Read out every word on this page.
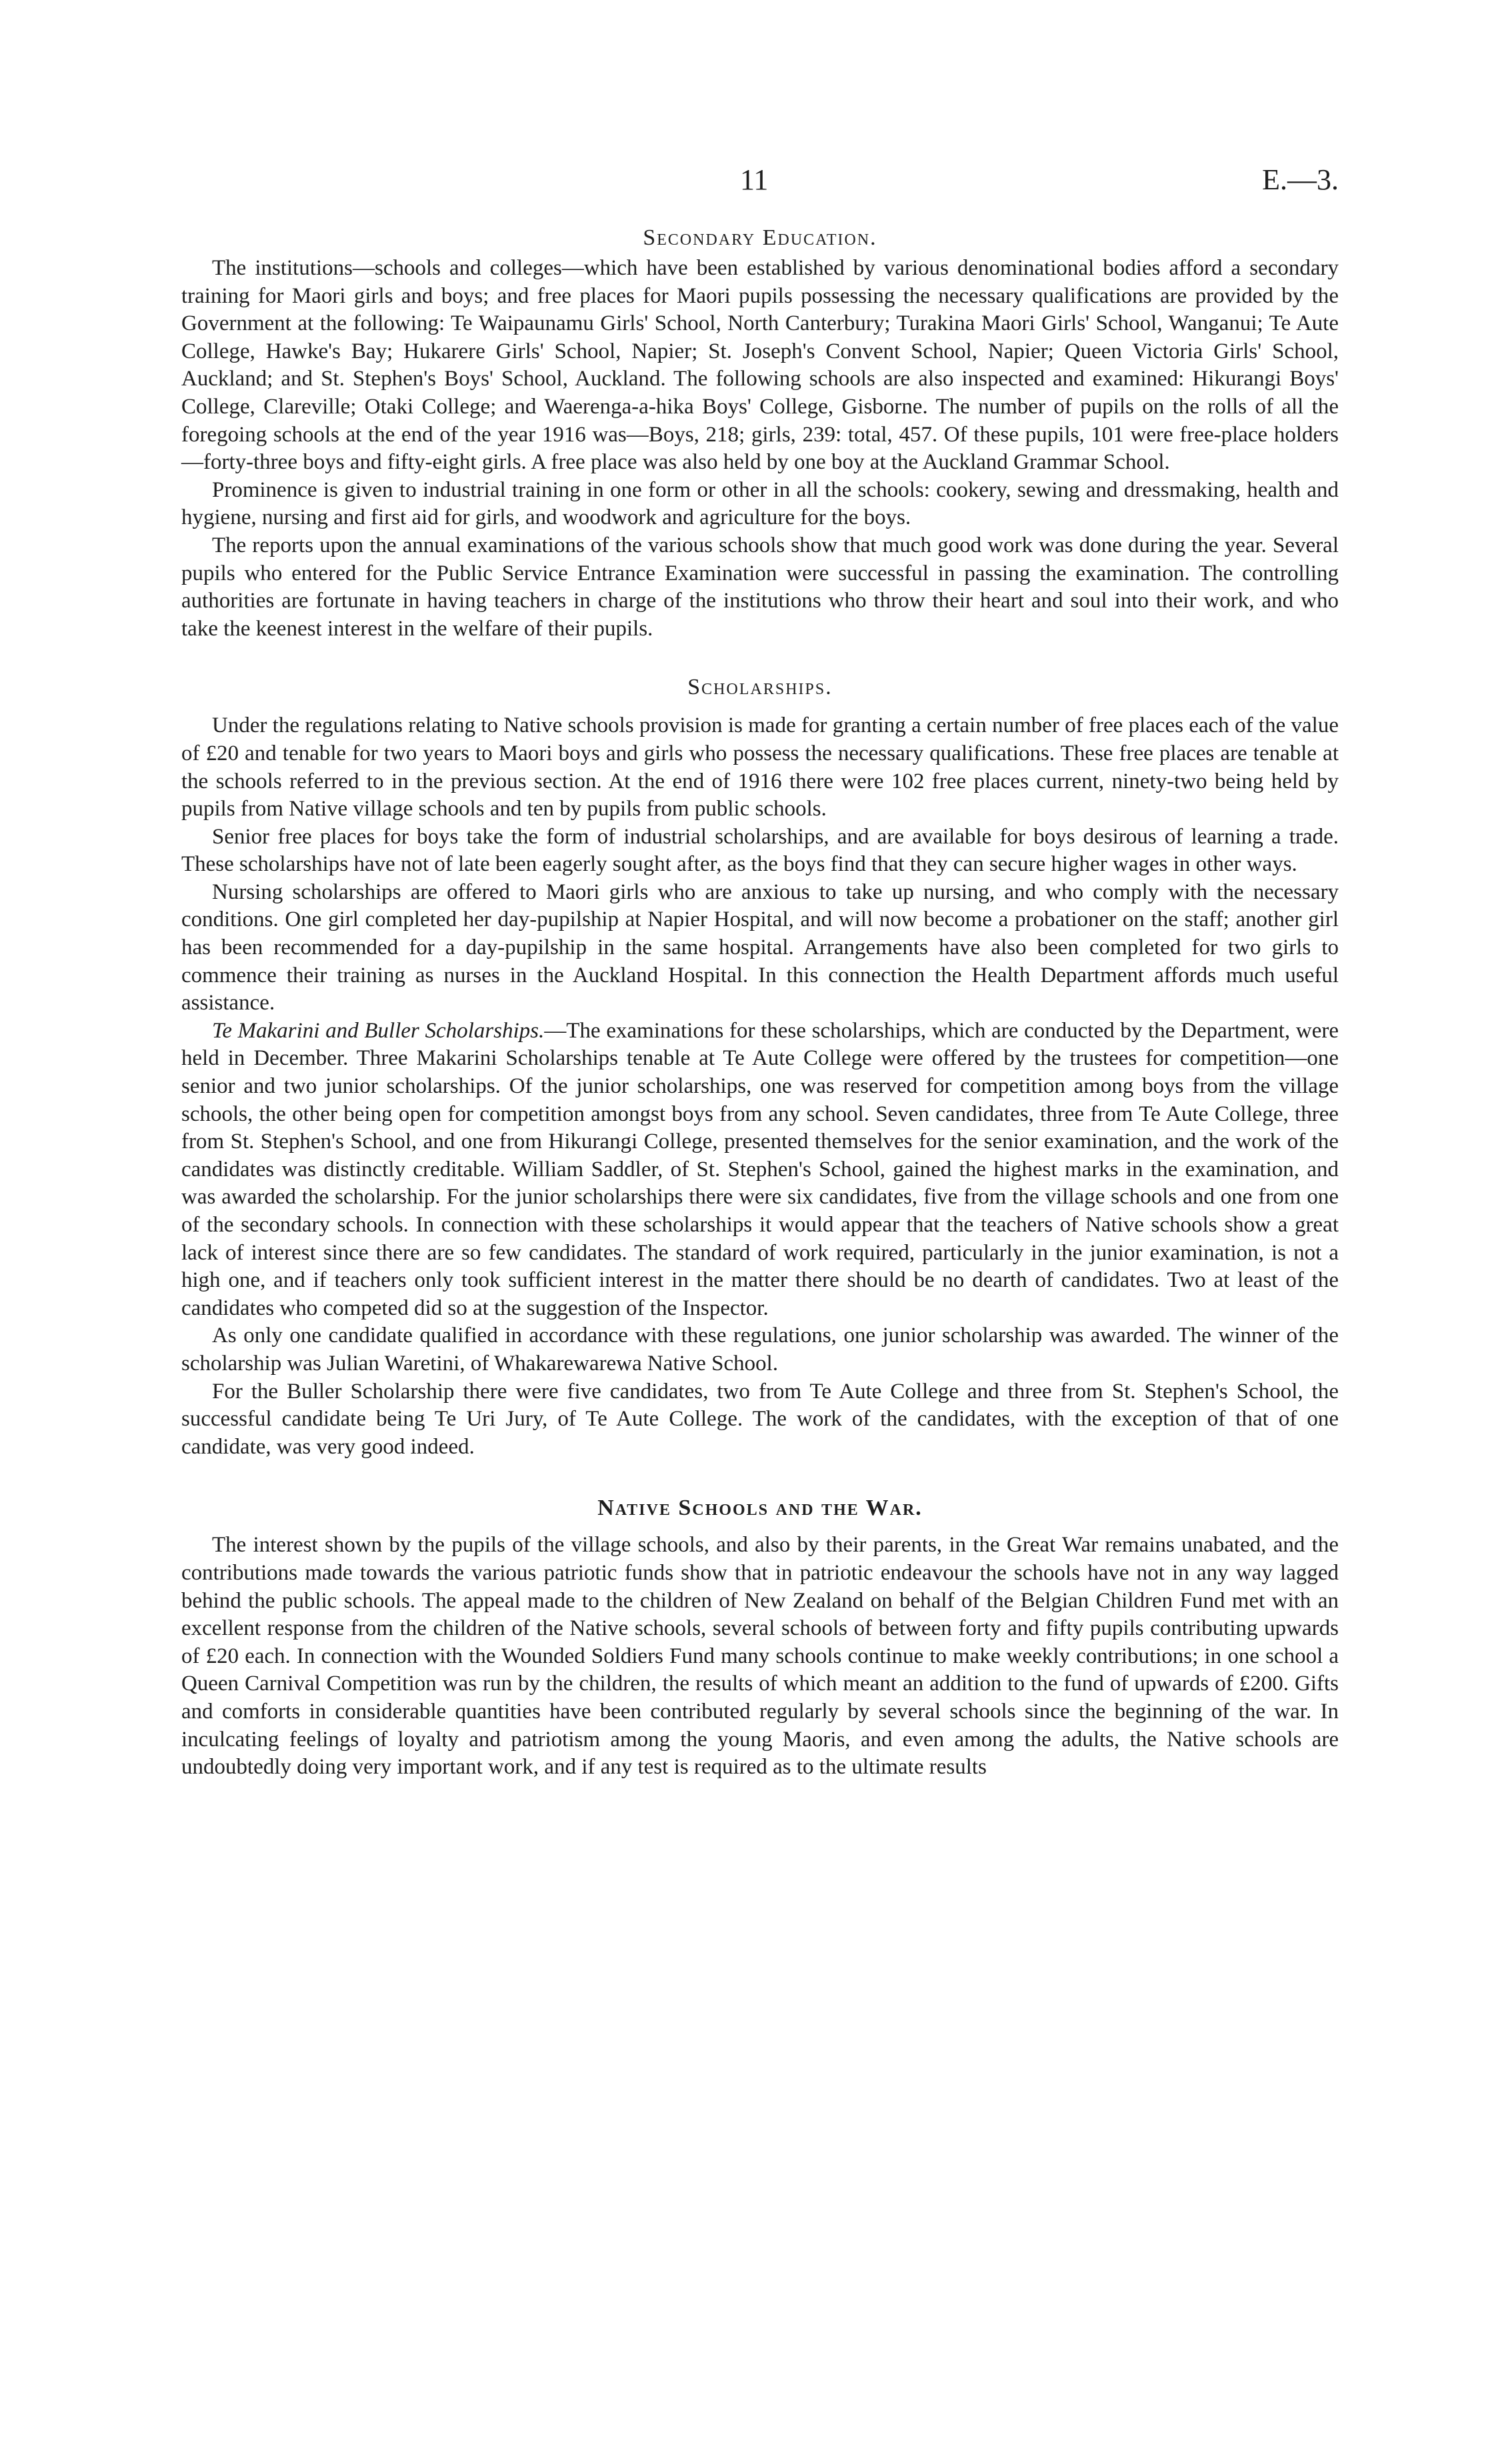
11	E.—3.
Secondary Education.

The institutions—schools and colleges—which have been established by various denominational bodies afford a secondary training for Maori girls and boys; and free places for Maori pupils possessing the necessary qualifications are provided by the Government at the following: Te Waipaunamu Girls' School, North Canterbury; Turakina Maori Girls' School, Wanganui; Te Aute College, Hawke's Bay; Hukarere Girls' School, Napier; St. Joseph's Convent School, Napier; Queen Victoria Girls' School, Auckland; and St. Stephen's Boys' School, Auckland. The following schools are also inspected and examined: Hikurangi Boys' College, Clareville; Otaki College; and Waerenga-a-hika Boys' College, Gisborne. The number of pupils on the rolls of all the foregoing schools at the end of the year 1916 was—Boys, 218; girls, 239: total, 457. Of these pupils, 101 were free-place holders—forty-three boys and fifty-eight girls. A free place was also held by one boy at the Auckland Grammar School.

Prominence is given to industrial training in one form or other in all the schools: cookery, sewing and dressmaking, health and hygiene, nursing and first aid for girls, and woodwork and agriculture for the boys.

The reports upon the annual examinations of the various schools show that much good work was done during the year. Several pupils who entered for the Public Service Entrance Examination were successful in passing the examination. The controlling authorities are fortunate in having teachers in charge of the institutions who throw their heart and soul into their work, and who take the keenest interest in the welfare of their pupils.

Scholarships.

Under the regulations relating to Native schools provision is made for granting a certain number of free places each of the value of £20 and tenable for two years to Maori boys and girls who possess the necessary qualifications. These free places are tenable at the schools referred to in the previous section. At the end of 1916 there were 102 free places current, ninety-two being held by pupils from Native village schools and ten by pupils from public schools.

Senior free places for boys take the form of industrial scholarships, and are available for boys desirous of learning a trade. These scholarships have not of late been eagerly sought after, as the boys find that they can secure higher wages in other ways.

Nursing scholarships are offered to Maori girls who are anxious to take up nursing, and who comply with the necessary conditions. One girl completed her day-pupilship at Napier Hospital, and will now become a probationer on the staff; another girl has been recommended for a day-pupilship in the same hospital. Arrangements have also been completed for two girls to commence their training as nurses in the Auckland Hospital. In this connection the Health Department affords much useful assistance.

Te Makarini and Buller Scholarships.—The examinations for these scholarships, which are conducted by the Department, were held in December. Three Makarini Scholarships tenable at Te Aute College were offered by the trustees for competition—one senior and two junior scholarships. Of the junior scholarships, one was reserved for competition among boys from the village schools, the other being open for competition amongst boys from any school. Seven candidates, three from Te Aute College, three from St. Stephen's School, and one from Hikurangi College, presented themselves for the senior examination, and the work of the candidates was distinctly creditable. William Saddler, of St. Stephen's School, gained the highest marks in the examination, and was awarded the scholarship. For the junior scholarships there were six candidates, five from the village schools and one from one of the secondary schools. In connection with these scholarships it would appear that the teachers of Native schools show a great lack of interest since there are so few candidates. The standard of work required, particularly in the junior examination, is not a high one, and if teachers only took sufficient interest in the matter there should be no dearth of candidates. Two at least of the candidates who competed did so at the suggestion of the Inspector.

As only one candidate qualified in accordance with these regulations, one junior scholarship was awarded. The winner of the scholarship was Julian Waretini, of Whakarewarewa Native School.

For the Buller Scholarship there were five candidates, two from Te Aute College and three from St. Stephen's School, the successful candidate being Te Uri Jury, of Te Aute College. The work of the candidates, with the exception of that of one candidate, was very good indeed.

Native Schools and the War.

The interest shown by the pupils of the village schools, and also by their parents, in the Great War remains unabated, and the contributions made towards the various patriotic funds show that in patriotic endeavour the schools have not in any way lagged behind the public schools. The appeal made to the children of New Zealand on behalf of the Belgian Children Fund met with an excellent response from the children of the Native schools, several schools of between forty and fifty pupils contributing upwards of £20 each. In connection with the Wounded Soldiers Fund many schools continue to make weekly contributions; in one school a Queen Carnival Competition was run by the children, the results of which meant an addition to the fund of upwards of £200. Gifts and comforts in considerable quantities have been contributed regularly by several schools since the beginning of the war. In inculcating feelings of loyalty and patriotism among the young Maoris, and even among the adults, the Native schools are undoubtedly doing very important work, and if any test is required as to the ultimate results
